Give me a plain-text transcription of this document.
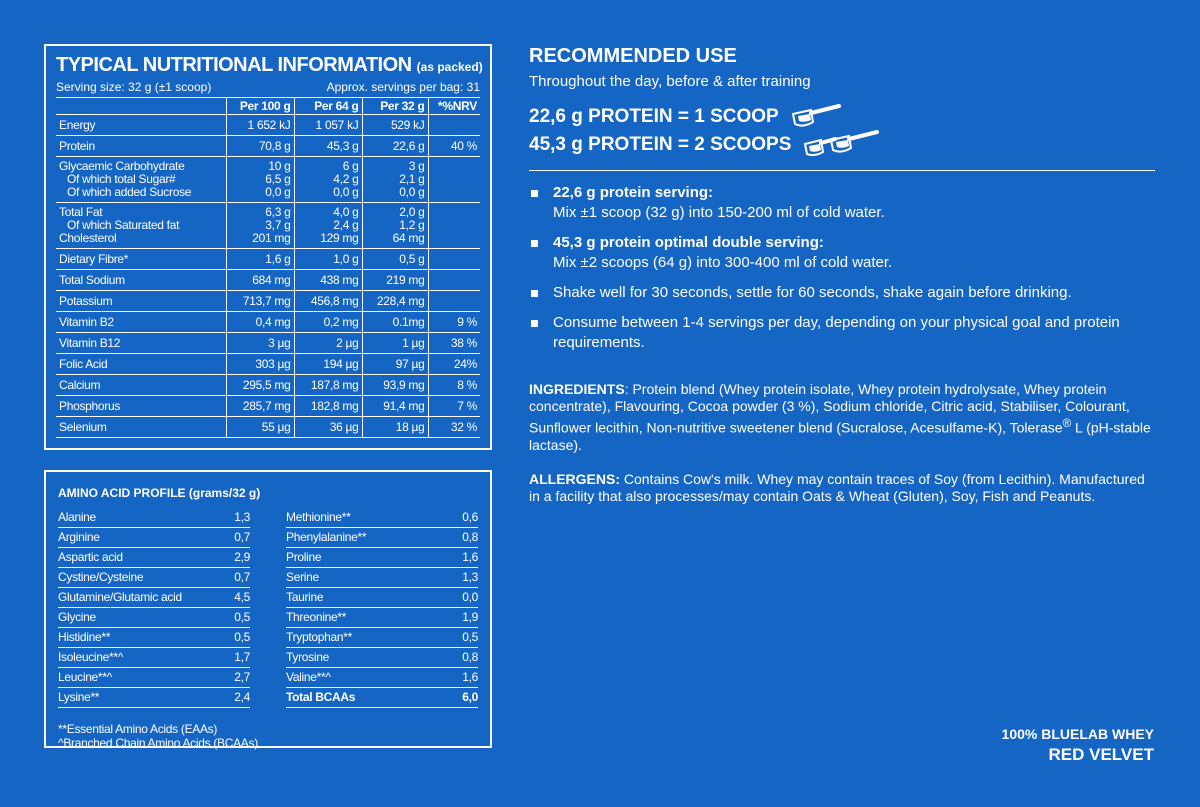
TYPICAL NUTRITIONAL INFORMATION (as packed)
Serving size: 32 g (±1 scoop)	Approx. servings per bag: 31
	Per 100 g	Per 64 g	Per 32 g	*%NRV
Energy	1 652 kJ	1 057 kJ	529 kJ	
Protein	70,8 g	45,3 g	22,6 g	40 %
Glycaemic Carbohydrate	10 g	6 g	3 g	
Of which total Sugar#	6,5 g	4,2 g	2,1 g	
Of which added Sucrose	0,0 g	0,0 g	0,0 g	
Total Fat	6,3 g	4,0 g	2,0 g	
Of which Saturated fat	3,7 g	2,4 g	1,2 g	
Cholesterol	201 mg	129 mg	64 mg	
Dietary Fibre*	1,6 g	1,0 g	0,5 g	
Total Sodium	684 mg	438 mg	219 mg	
Potassium	713,7 mg	456,8 mg	228,4 mg	
Vitamin B2	0,4 mg	0,2 mg	0.1mg	9 %
Vitamin B12	3 µg	2 µg	1 µg	38 %
Folic Acid	303 µg	194 µg	97 µg	24%
Calcium	295,5 mg	187,8 mg	93,9 mg	8 %
Phosphorus	285,7 mg	182,8 mg	91,4 mg	7 %
Selenium	55 µg	36 µg	18 µg	32 %
AMINO ACID PROFILE (grams/32 g)
Alanine	1,3
Arginine	0,7
Aspartic acid	2,9
Cystine/Cysteine	0,7
Glutamine/Glutamic acid	4,5
Glycine	0,5
Histidine**	0,5
Isoleucine**^	1,7
Leucine**^	2,7
Lysine**	2,4
Methionine**	0,6
Phenylalanine**	0,8
Proline	1,6
Serine	1,3
Taurine	0,0
Threonine**	1,9
Tryptophan**	0,5
Tyrosine	0,8
Valine**^	1,6
Total BCAAs	6,0
**Essential Amino Acids (EAAs)
^Branched Chain Amino Acids (BCAAs)
RECOMMENDED USE
Throughout the day, before & after training
22,6 g PROTEIN = 1 SCOOP
45,3 g PROTEIN = 2 SCOOPS
22,6 g protein serving:
Mix ±1 scoop (32 g) into 150-200 ml of cold water.
45,3 g protein optimal double serving:
Mix ±2 scoops (64 g) into 300-400 ml of cold water.
Shake well for 30 seconds, settle for 60 seconds, shake again before drinking.
Consume between 1-4 servings per day, depending on your physical goal and protein requirements.
INGREDIENTS: Protein blend (Whey protein isolate, Whey protein hydrolysate, Whey protein concentrate), Flavouring, Cocoa powder (3 %), Sodium chloride, Citric acid, Stabiliser, Colourant, Sunflower lecithin, Non-nutritive sweetener blend (Sucralose, Acesulfame-K), Tolerase® L (pH-stable lactase).
ALLERGENS: Contains Cow's milk. Whey may contain traces of Soy (from Lecithin). Manufactured in a facility that also processes/may contain Oats & Wheat (Gluten), Soy, Fish and Peanuts.
100% BLUELAB WHEY
RED VELVET
